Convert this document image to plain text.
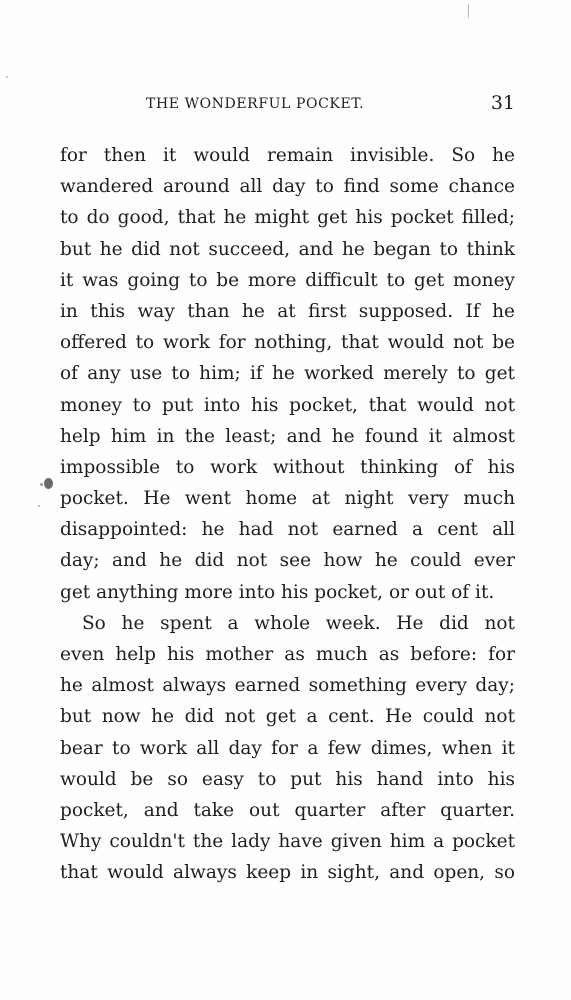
THE WONDERFUL POCKET.	31
for then it would remain invisible. So he
wandered around all day to find some chance
to do good, that he might get his pocket filled;
but he did not succeed, and he began to think
it was going to be more difficult to get money
in this way than he at first supposed. If he
offered to work for nothing, that would not be
of any use to him; if he worked merely to get
money to put into his pocket, that would not
help him in the least; and he found it almost
impossible to work without thinking of his
pocket. He went home at night very much
disappointed: he had not earned a cent all
day; and he did not see how he could ever
get anything more into his pocket, or out of it.
So he spent a whole week. He did not
even help his mother as much as before: for
he almost always earned something every day;
but now he did not get a cent. He could not
bear to work all day for a few dimes, when it
would be so easy to put his hand into his
pocket, and take out quarter after quarter.
Why couldn't the lady have given him a pocket
that would always keep in sight, and open, so
